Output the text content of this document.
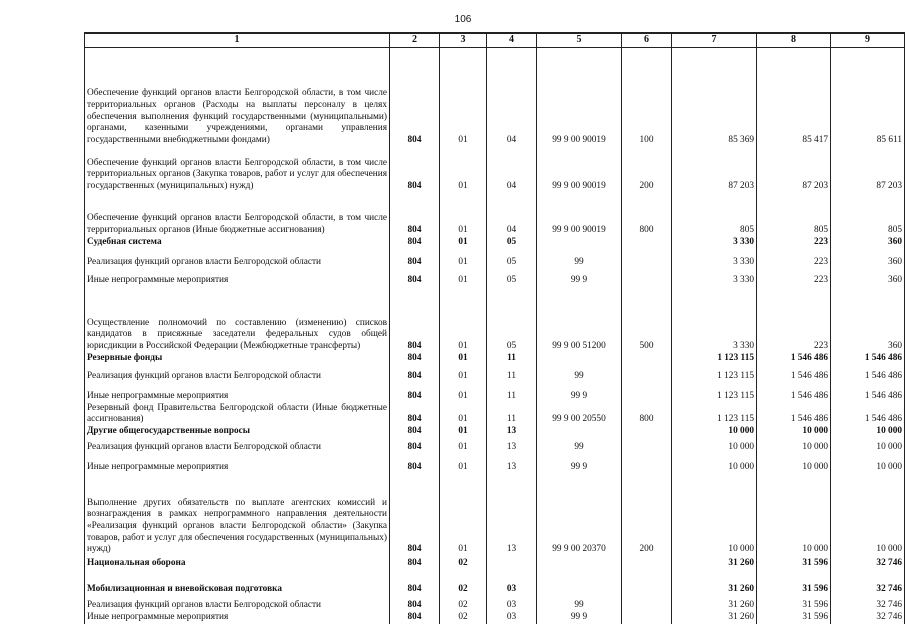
106
1	2	3	4	5	6	7	8	9

Обеспечение функций органов власти Белгородской области, в том числе территориальных органов (Расходы на выплаты персоналу в целях обеспечения выполнения функций государственными (муниципальными) органами, казенными учреждениями, органами управления государственными внебюджетными фондами)	804	01	04	99 9 00 90019	100	85 369	85 417	85 611
Обеспечение функций органов власти Белгородской области, в том числе территориальных органов (Закупка товаров, работ и услуг для обеспечения государственных (муниципальных) нужд)	804	01	04	99 9 00 90019	200	87 203	87 203	87 203
Обеспечение функций органов власти Белгородской области, в том числе территориальных органов (Иные бюджетные ассигнования)	804	01	04	99 9 00 90019	800	805	805	805
Судебная система	804	01	05			3 330	223	360
Реализация функций органов власти Белгородской области	804	01	05	99		3 330	223	360
Иные непрограммные мероприятия	804	01	05	99 9		3 330	223	360
Осуществление полномочий по составлению (изменению) списков кандидатов в присяжные заседатели федеральных судов общей юрисдикции в Российской Федерации (Межбюджетные трансферты)	804	01	05	99 9 00 51200	500	3 330	223	360
Резервные фонды	804	01	11			1 123 115	1 546 486	1 546 486
Реализация функций органов власти Белгородской области	804	01	11	99		1 123 115	1 546 486	1 546 486
Иные непрограммные мероприятия	804	01	11	99 9		1 123 115	1 546 486	1 546 486
Резервный фонд Правительства Белгородской области (Иные бюджетные ассигнования)	804	01	11	99 9 00 20550	800	1 123 115	1 546 486	1 546 486
Другие общегосударственные вопросы	804	01	13			10 000	10 000	10 000
Реализация функций органов власти Белгородской области	804	01	13	99		10 000	10 000	10 000
Иные непрограммные мероприятия	804	01	13	99 9		10 000	10 000	10 000
Выполнение других обязательств по выплате агентских комиссий и вознаграждения в рамках непрограммного направления деятельности «Реализация функций органов власти Белгородской области» (Закупка товаров, работ и услуг для обеспечения государственных (муниципальных) нужд)	804	01	13	99 9 00 20370	200	10 000	10 000	10 000
Национальная оборона	804	02				31 260	31 596	32 746
Мобилизационная и вневойсковая подготовка	804	02	03			31 260	31 596	32 746
Реализация функций органов власти Белгородской области	804	02	03	99		31 260	31 596	32 746
Иные непрограммные мероприятия	804	02	03	99 9		31 260	31 596	32 746
